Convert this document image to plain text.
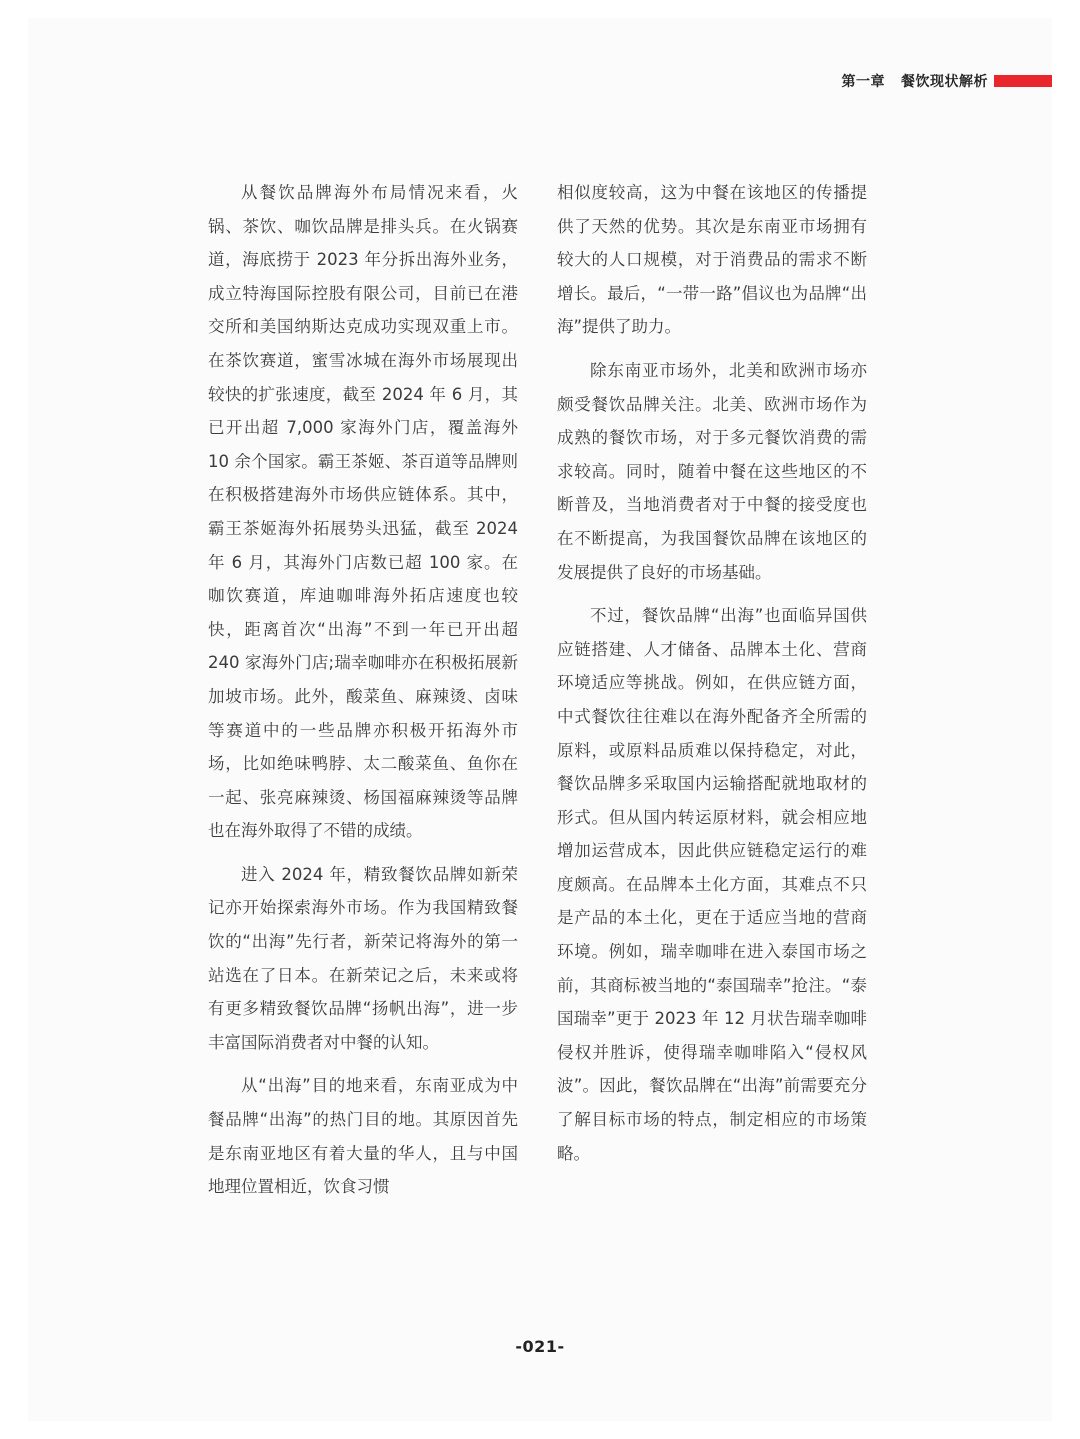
第一章 餐饮现状解析

从餐饮品牌海外布局情况来看，火锅、茶饮、咖饮品牌是排头兵。在火锅赛道，海底捞于 2023 年分拆出海外业务，成立特海国际控股有限公司，目前已在港交所和美国纳斯达克成功实现双重上市。在茶饮赛道，蜜雪冰城在海外市场展现出较快的扩张速度，截至 2024 年 6 月，其已开出超 7,000 家海外门店，覆盖海外 10 余个国家。霸王茶姬、茶百道等品牌则在积极搭建海外市场供应链体系。其中，霸王茶姬海外拓展势头迅猛，截至 2024 年 6 月，其海外门店数已超 100 家。在咖饮赛道，库迪咖啡海外拓店速度也较快，距离首次“出海”不到一年已开出超 240 家海外门店;瑞幸咖啡亦在积极拓展新加坡市场。此外，酸菜鱼、麻辣烫、卤味等赛道中的一些品牌亦积极开拓海外市场，比如绝味鸭脖、太二酸菜鱼、鱼你在一起、张亮麻辣烫、杨国福麻辣烫等品牌也在海外取得了不错的成绩。

进入 2024 年，精致餐饮品牌如新荣记亦开始探索海外市场。作为我国精致餐饮的“出海”先行者，新荣记将海外的第一站选在了日本。在新荣记之后，未来或将有更多精致餐饮品牌“扬帆出海”，进一步丰富国际消费者对中餐的认知。

从“出海”目的地来看，东南亚成为中餐品牌“出海”的热门目的地。其原因首先是东南亚地区有着大量的华人，且与中国地理位置相近，饮食习惯

相似度较高，这为中餐在该地区的传播提供了天然的优势。其次是东南亚市场拥有较大的人口规模，对于消费品的需求不断增长。最后，“一带一路”倡议也为品牌“出海”提供了助力。

除东南亚市场外，北美和欧洲市场亦颇受餐饮品牌关注。北美、欧洲市场作为成熟的餐饮市场，对于多元餐饮消费的需求较高。同时，随着中餐在这些地区的不断普及，当地消费者对于中餐的接受度也在不断提高，为我国餐饮品牌在该地区的发展提供了良好的市场基础。

不过，餐饮品牌“出海”也面临异国供应链搭建、人才储备、品牌本土化、营商环境适应等挑战。例如，在供应链方面，中式餐饮往往难以在海外配备齐全所需的原料，或原料品质难以保持稳定，对此，餐饮品牌多采取国内运输搭配就地取材的形式。但从国内转运原材料，就会相应地增加运营成本，因此供应链稳定运行的难度颇高。在品牌本土化方面，其难点不只是产品的本土化，更在于适应当地的营商环境。例如，瑞幸咖啡在进入泰国市场之前，其商标被当地的“泰国瑞幸”抢注。“泰国瑞幸”更于 2023 年 12 月状告瑞幸咖啡侵权并胜诉，使得瑞幸咖啡陷入“侵权风波”。因此，餐饮品牌在“出海”前需要充分了解目标市场的特点，制定相应的市场策略。

-021-
